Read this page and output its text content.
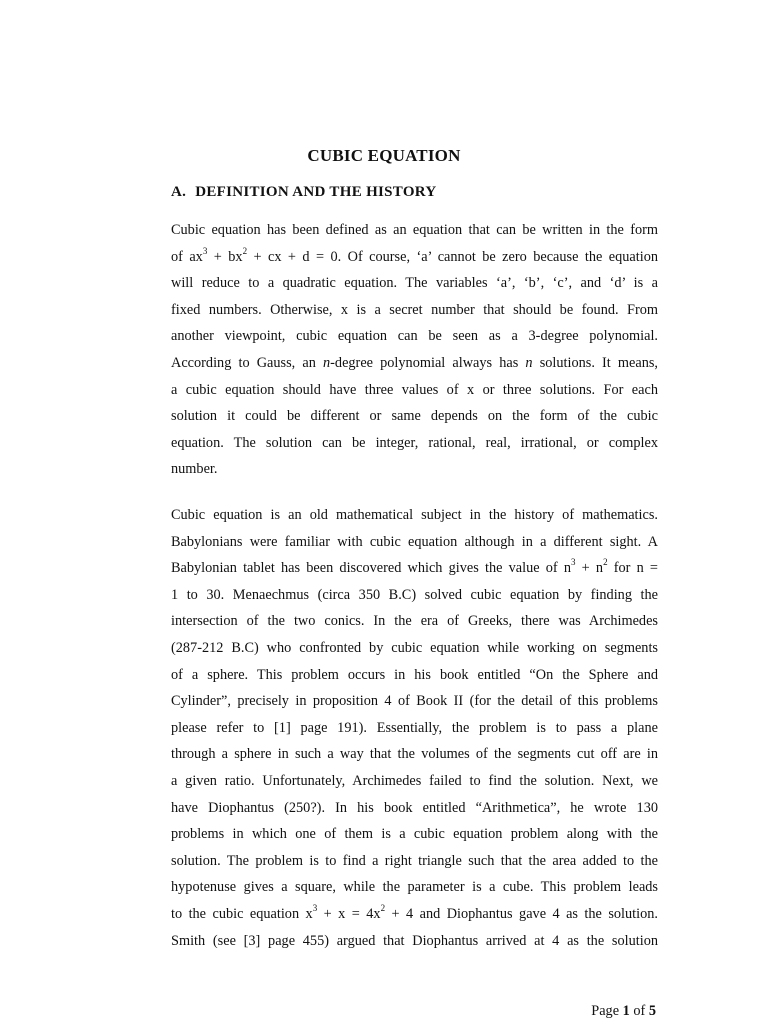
CUBIC EQUATION
A. DEFINITION AND THE HISTORY
Cubic equation has been defined as an equation that can be written in the form
of $ax^3 + bx^2$ + cx + d = 0. Of course, ‘a’ cannot be zero because the equation
will reduce to a quadratic equation. The variables ‘a’, ‘b’, ‘c’, and ‘d’ is a
fixed numbers. Otherwise, x is a secret number that should be found. From
another viewpoint, cubic equation can be seen as a 3-degree polynomial.
According to Gauss, an n-degree polynomial always has n solutions. It means,
a cubic equation should have three values of x or three solutions. For each
solution it could be different or same depends on the form of the cubic
equation. The solution can be integer, rational, real, irrational, or complex
number.
Cubic equation is an old mathematical subject in the history of mathematics.
Babylonians were familiar with cubic equation although in a different sight. A
Babylonian tablet has been discovered which gives the value of $n^3 + n^2$ for n =
1 to 30. Menaechmus (circa 350 B.C) solved cubic equation by finding the
intersection of the two conics. In the era of Greeks, there was Archimedes
(287-212 B.C) who confronted by cubic equation while working on segments
of a sphere. This problem occurs in his book entitled “On the Sphere and
Cylinder”, precisely in proposition 4 of Book II (for the detail of this problems
please refer to [1] page 191). Essentially, the problem is to pass a plane
through a sphere in such a way that the volumes of the segments cut off are in
a given ratio. Unfortunately, Archimedes failed to find the solution. Next, we
have Diophantus (250?). In his book entitled “Arithmetica”, he wrote 130
problems in which one of them is a cubic equation problem along with the
solution. The problem is to find a right triangle such that the area added to the
hypotenuse gives a square, while the parameter is a cube. This problem leads
to the cubic equation $x^3 + x = 4x^2 + 4$ and Diophantus gave 4 as the solution.
Smith (see [3] page 455) argued that Diophantus arrived at 4 as the solution

Page 1 of 5
